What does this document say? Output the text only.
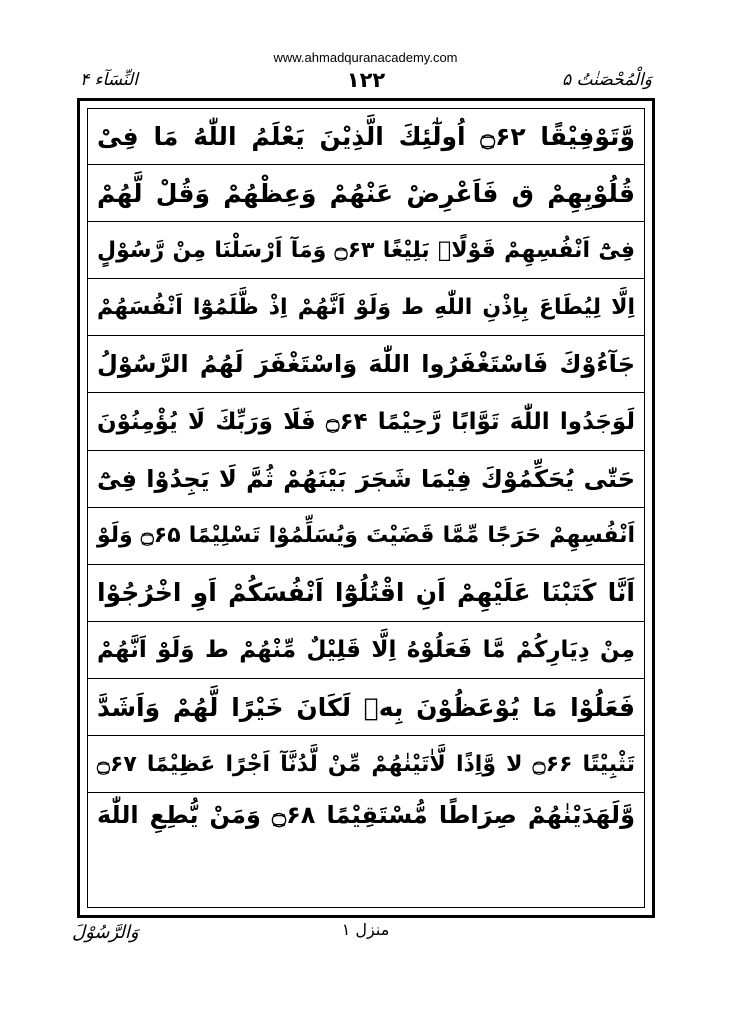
www.ahmadquranacademy.com
النِّسَآء ۴	۱۲۲	وَالْمُحْصَنٰتُ ۵
وَّتَوْفِيْقًا ۝۶۲ اُولٰٓئِكَ الَّذِيْنَ يَعْلَمُ اللّٰهُ مَا فِىْ
قُلُوْبِهِمْ ق فَاَعْرِضْ عَنْهُمْ وَعِظْهُمْ وَقُلْ لَّهُمْ
فِىْٓ اَنْفُسِهِمْ قَوْلًاۢ بَلِيْغًا ۝۶۳ وَمَآ اَرْسَلْنَا مِنْ رَّسُوْلٍ
اِلَّا لِيُطَاعَ بِاِذْنِ اللّٰهِ ط وَلَوْ اَنَّهُمْ اِذْ ظَّلَمُوْٓا اَنْفُسَهُمْ
جَآءُوْكَ فَاسْتَغْفَرُوا اللّٰهَ وَاسْتَغْفَرَ لَهُمُ الرَّسُوْلُ
لَوَجَدُوا اللّٰهَ تَوَّابًا رَّحِيْمًا ۝۶۴ فَلَا وَرَبِّكَ لَا يُؤْمِنُوْنَ
حَتّٰى يُحَكِّمُوْكَ فِيْمَا شَجَرَ بَيْنَهُمْ ثُمَّ لَا يَجِدُوْا فِىْٓ
اَنْفُسِهِمْ حَرَجًا مِّمَّا قَضَيْتَ وَيُسَلِّمُوْا تَسْلِيْمًا ۝۶۵ وَلَوْ
اَنَّا كَتَبْنَا عَلَيْهِمْ اَنِ اقْتُلُوْٓا اَنْفُسَكُمْ اَوِ اخْرُجُوْا
مِنْ دِيَارِكُمْ مَّا فَعَلُوْهُ اِلَّا قَلِيْلٌ مِّنْهُمْ ط وَلَوْ اَنَّهُمْ
فَعَلُوْا مَا يُوْعَظُوْنَ بِهٖ لَكَانَ خَيْرًا لَّهُمْ وَاَشَدَّ
تَثْبِيْتًا ۝۶۶ لا وَّاِذًا لَّاٰتَيْنٰهُمْ مِّنْ لَّدُنَّآ اَجْرًا عَظِيْمًا ۝۶۷
وَّلَهَدَيْنٰهُمْ صِرَاطًا مُّسْتَقِيْمًا ۝۶۸ وَمَنْ يُّطِعِ اللّٰهَ
وَالرَّسُوْلَ	منزل ۱
